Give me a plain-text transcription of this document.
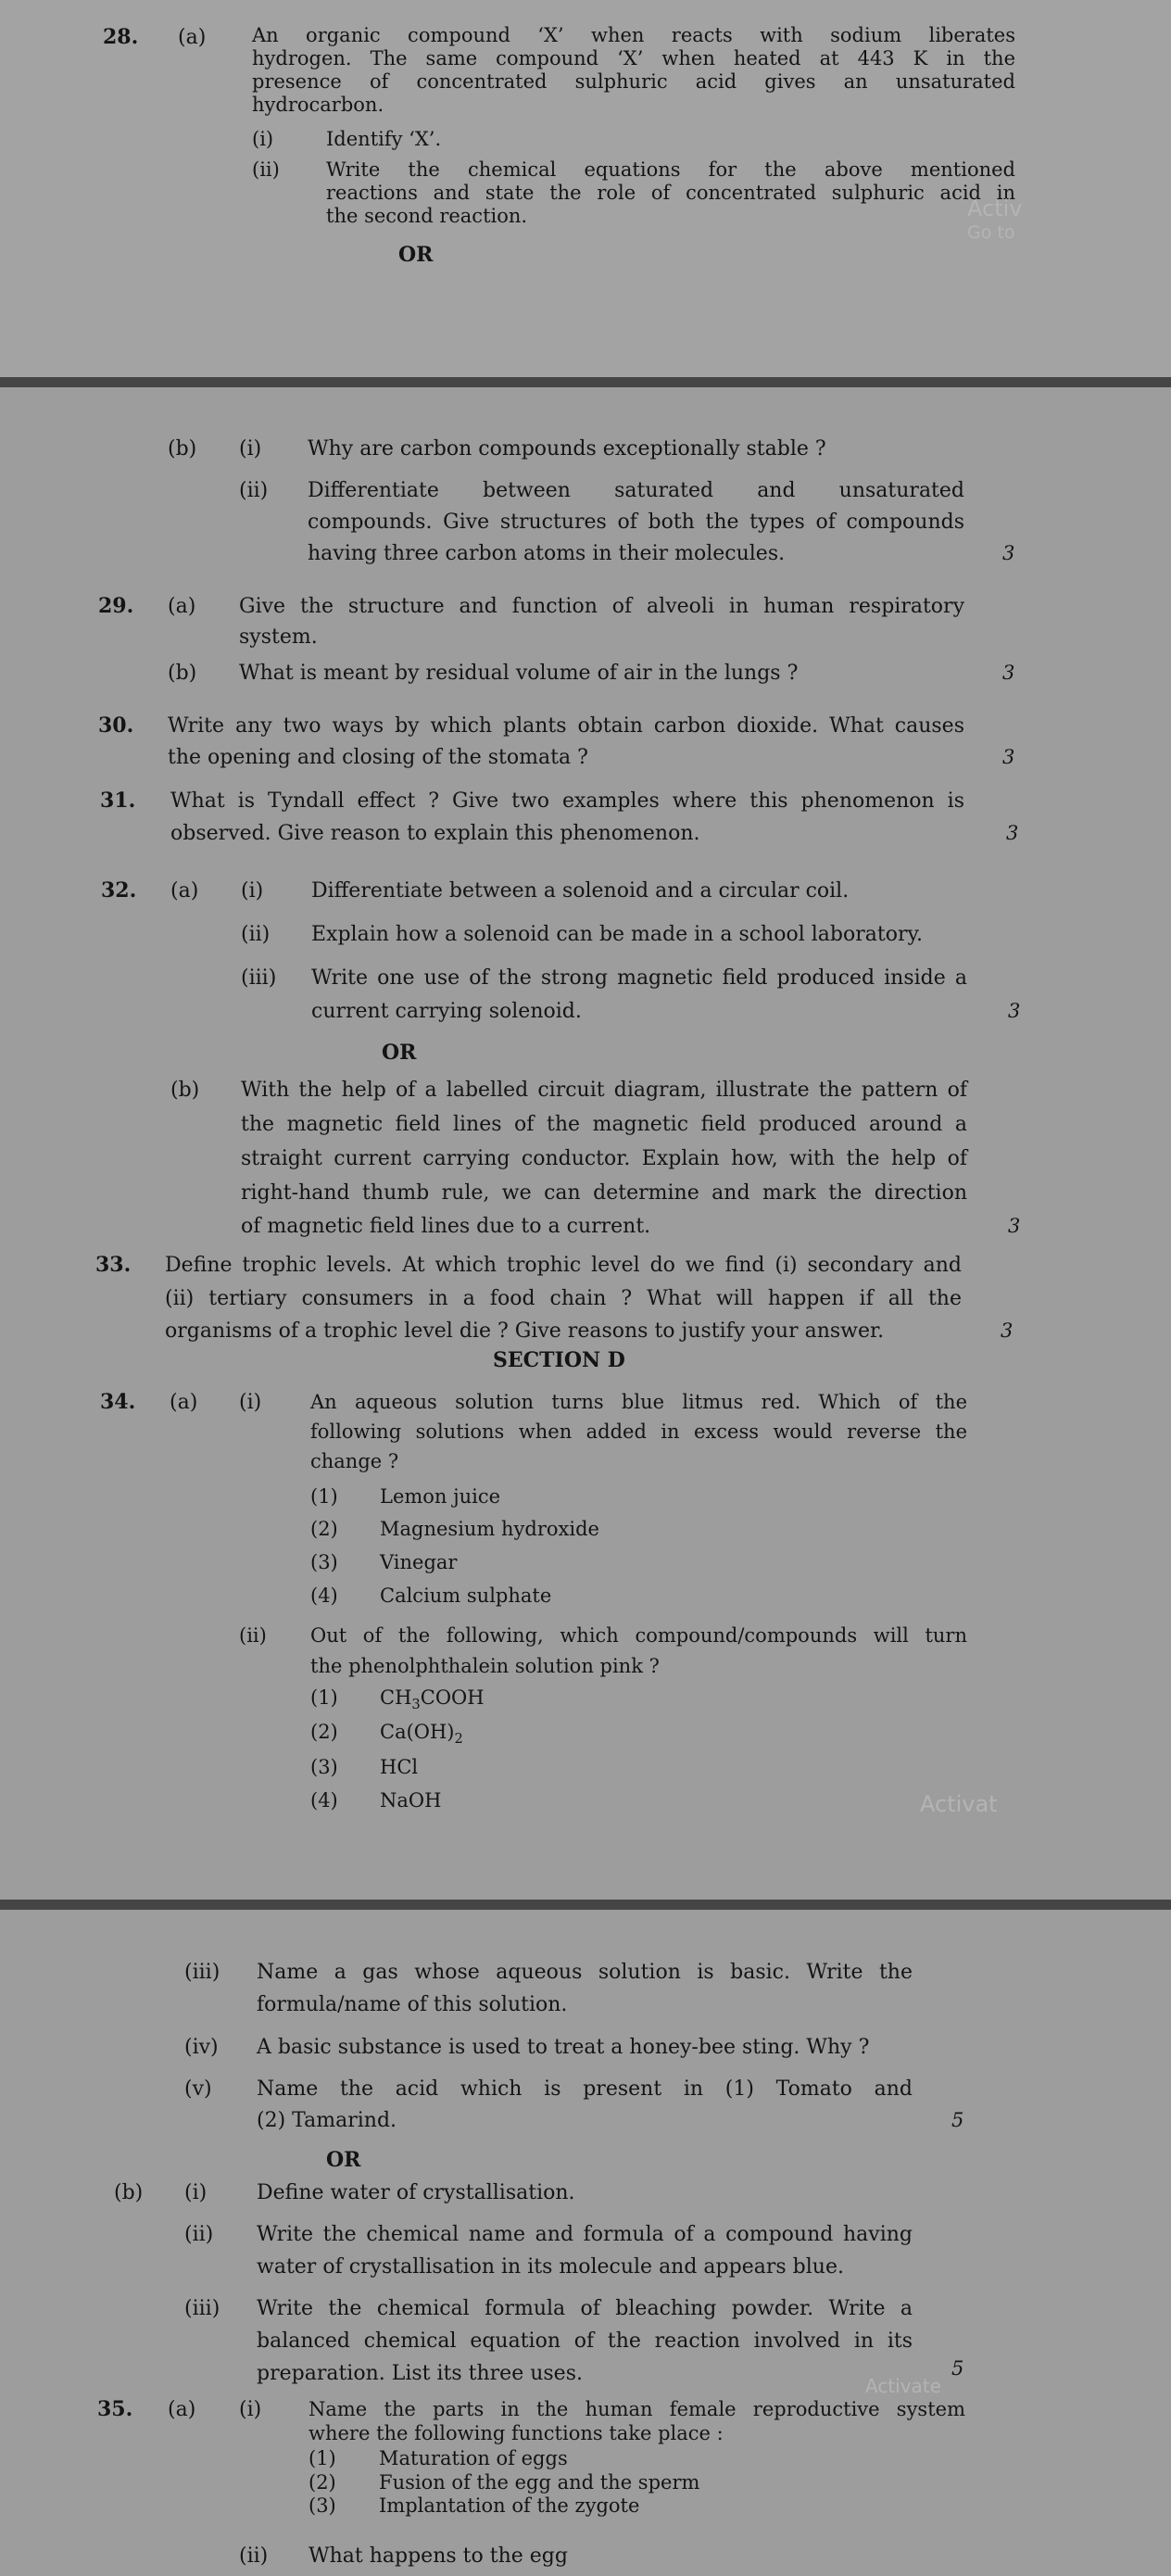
28. (a) An organic compound ‘X’ when reacts with sodium liberates
hydrogen. The same compound ‘X’ when heated at 443 K in the
presence of concentrated sulphuric acid gives an unsaturated
hydrocarbon.
(i)	Identify ‘X’.
(ii) Write the chemical equations for the above mentioned
reactions and state the role of concentrated sulphuric acid in
the second reaction.	Activ
Go to
OR
(b) (i) Why are carbon compounds exceptionally stable ?
(ii) Differentiate between saturated and unsaturated
compounds. Give structures of both the types of compounds
having three carbon atoms in their molecules.	3
29. (a) Give the structure and function of alveoli in human respiratory
system.
(b) What is meant by residual volume of air in the lungs ?	3
30. Write any two ways by which plants obtain carbon dioxide. What causes
the opening and closing of the stomata ?	3
31. What is Tyndall effect ? Give two examples where this phenomenon is
observed. Give reason to explain this phenomenon.	3
32. (a) (i) Differentiate between a solenoid and a circular coil.
(ii) Explain how a solenoid can be made in a school laboratory.
(iii) Write one use of the strong magnetic field produced inside a
current carrying solenoid.	3
OR
(b) With the help of a labelled circuit diagram, illustrate the pattern of
the magnetic field lines of the magnetic field produced around a
straight current carrying conductor. Explain how, with the help of
right-hand thumb rule, we can determine and mark the direction
of magnetic field lines due to a current.	3
33. Define trophic levels. At which trophic level do we find (i) secondary and
(ii) tertiary consumers in a food chain ? What will happen if all the
organisms of a trophic level die ? Give reasons to justify your answer.	3
SECTION D
34. (a) (i)	An aqueous solution turns blue litmus red. Which of the
following solutions when added in excess would reverse the
change ?
(1) Lemon juice
(2) Magnesium hydroxide
(3) Vinegar
(4) Calcium sulphate
(ii) Out of the following, which compound/compounds will turn
the phenolphthalein solution pink ?
(1) $CH_3COOH$
(2) $Ca(OH)_2$
(3) HCl
(4) NaOH	Activat
(iii) Name a gas whose aqueous solution is basic. Write the
formula/name of this solution.
(iv) A basic substance is used to treat a honey-bee sting. Why ?
(v) Name the acid which is present in (1) Tomato and
(2) Tamarind.	5
OR
(b) (i) Define water of crystallisation.
(ii) Write the chemical name and formula of a compound having
water of crystallisation in its molecule and appears blue.
(iii) Write the chemical formula of bleaching powder. Write a
balanced chemical equation of the reaction involved in its
preparation. List its three uses.	5
Activate
35. (a) (i) Name the parts in the human female reproductive system
where the following functions take place :
(1) Maturation of eggs
(2) Fusion of the egg and the sperm
(3) Implantation of the zygote
(ii) What happens to the egg
